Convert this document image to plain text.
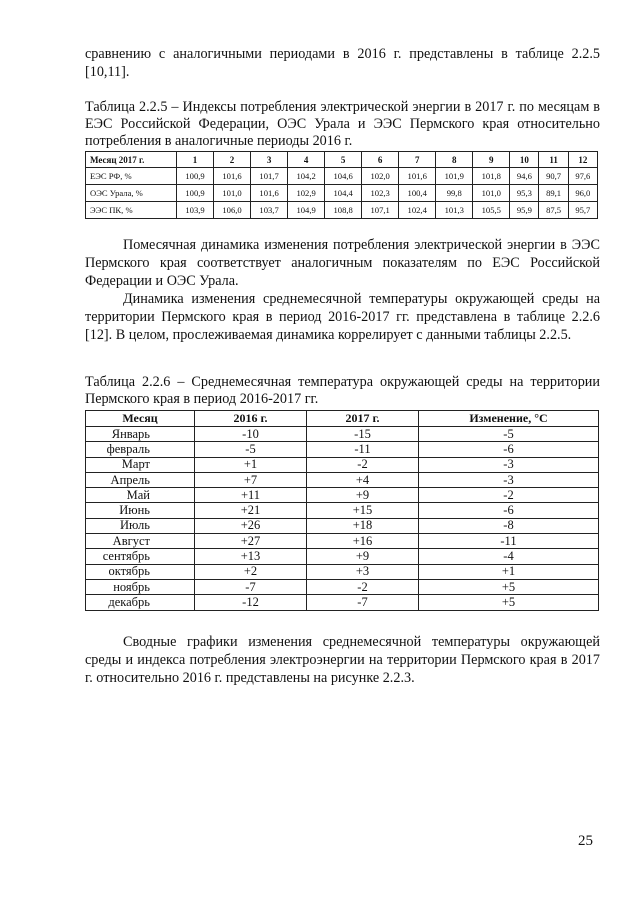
сравнению с аналогичными периодами в 2016 г. представлены в таблице 2.2.5 [10,11].

Таблица 2.2.5 – Индексы потребления электрической энергии в 2017 г. по месяцам в ЕЭС Российской Федерации, ОЭС Урала и ЭЭС Пермского края относительно потребления в аналогичные периоды 2016 г.

Месяц 2017 г.	1	2	3	4	5	6	7	8	9	10	11	12
ЕЭС РФ, %	100,9	101,6	101,7	104,2	104,6	102,0	101,6	101,9	101,8	94,6	90,7	97,6
ОЭС Урала, %	100,9	101,0	101,6	102,9	104,4	102,3	100,4	99,8	101,0	95,3	89,1	96,0
ЭЭС ПК, %	103,9	106,0	103,7	104,9	108,8	107,1	102,4	101,3	105,5	95,9	87,5	95,7

Помесячная динамика изменения потребления электрической энергии в ЭЭС Пермского края соответствует аналогичным показателям по ЕЭС Российской Федерации и ОЭС Урала.

Динамика изменения среднемесячной температуры окружающей среды на территории Пермского края в период 2016-2017 гг. представлена в таблице 2.2.6 [12]. В целом, прослеживаемая динамика коррелирует с данными таблицы 2.2.5.

Таблица 2.2.6 – Среднемесячная температура окружающей среды на территории Пермского края в период 2016-2017 гг.

Месяц	2016 г.	2017 г.	Изменение, °С
Январь	-10	-15	-5
февраль	-5	-11	-6
Март	+1	-2	-3
Апрель	+7	+4	-3
Май	+11	+9	-2
Июнь	+21	+15	-6
Июль	+26	+18	-8
Август	+27	+16	-11
сентябрь	+13	+9	-4
октябрь	+2	+3	+1
ноябрь	-7	-2	+5
декабрь	-12	-7	+5

Сводные графики изменения среднемесячной температуры окружающей среды и индекса потребления электроэнергии на территории Пермского края в 2017 г. относительно 2016 г. представлены на рисунке 2.2.3.

25
